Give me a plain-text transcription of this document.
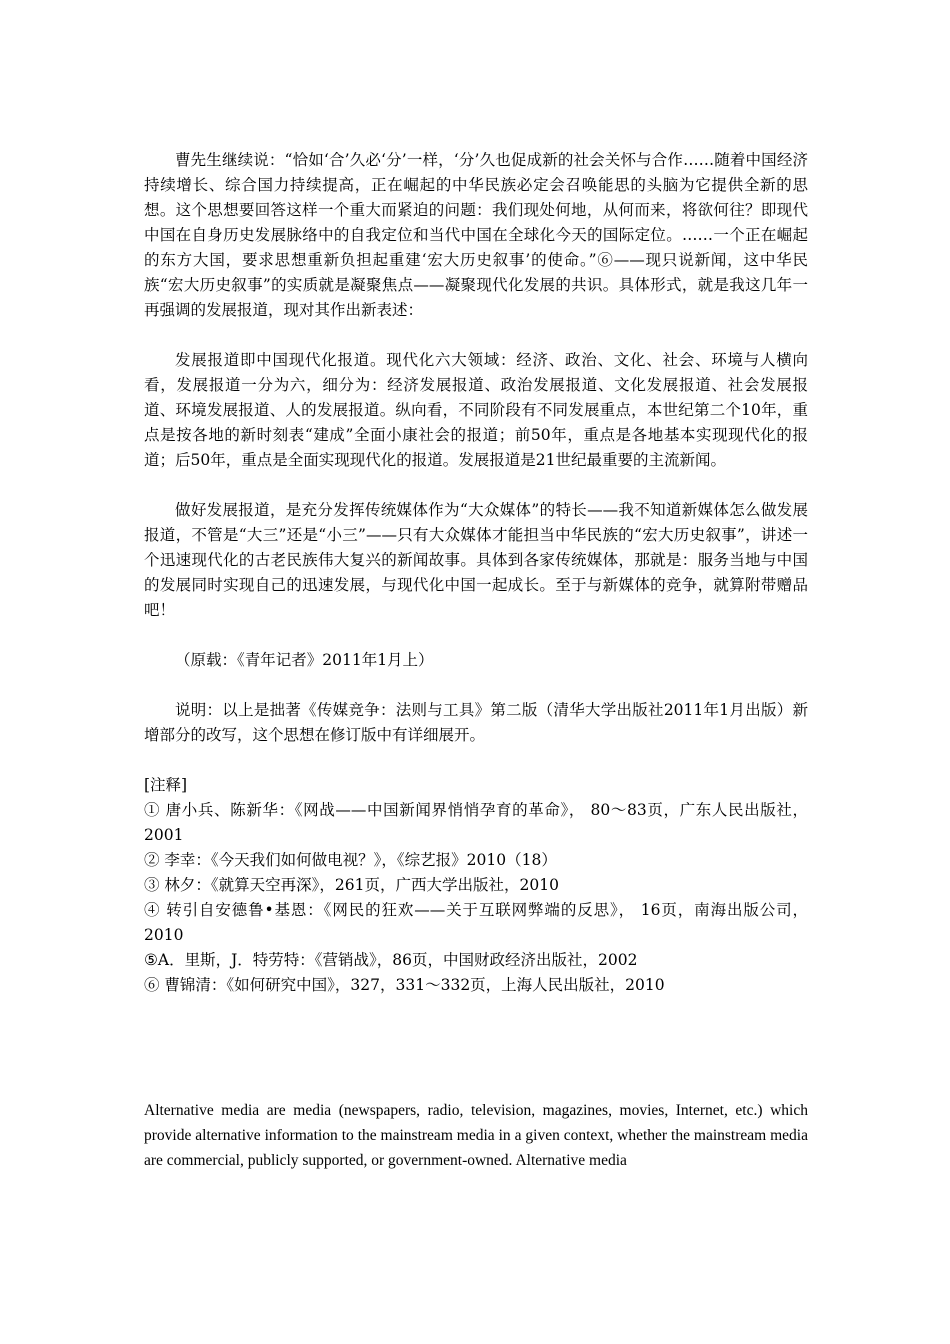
曹先生继续说：“恰如‘合’久必‘分’一样，‘分’久也促成新的社会关怀与合作……随着中国经济持续增长、综合国力持续提高，正在崛起的中华民族必定会召唤能思的头脑为它提供全新的思想。这个思想要回答这样一个重大而紧迫的问题：我们现处何地，从何而来，将欲何往？即现代中国在自身历史发展脉络中的自我定位和当代中国在全球化今天的国际定位。……一个正在崛起的东方大国，要求思想重新负担起重建‘宏大历史叙事’的使命。”⑥——现只说新闻，这中华民族“宏大历史叙事”的实质就是凝聚焦点——凝聚现代化发展的共识。具体形式，就是我这几年一再强调的发展报道，现对其作出新表述：

发展报道即中国现代化报道。现代化六大领域：经济、政治、文化、社会、环境与人横向看，发展报道一分为六，细分为：经济发展报道、政治发展报道、文化发展报道、社会发展报道、环境发展报道、人的发展报道。纵向看，不同阶段有不同发展重点，本世纪第二个10年，重点是按各地的新时刻表“建成”全面小康社会的报道；前50年，重点是各地基本实现现代化的报道；后50年，重点是全面实现现代化的报道。发展报道是21世纪最重要的主流新闻。

做好发展报道，是充分发挥传统媒体作为“大众媒体”的特长——我不知道新媒体怎么做发展报道，不管是“大三”还是“小三”——只有大众媒体才能担当中华民族的“宏大历史叙事”，讲述一个迅速现代化的古老民族伟大复兴的新闻故事。具体到各家传统媒体，那就是：服务当地与中国的发展同时实现自己的迅速发展，与现代化中国一起成长。至于与新媒体的竞争，就算附带赠品吧！

（原载：《青年记者》2011年1月上）

说明：以上是拙著《传媒竞争：法则与工具》第二版（清华大学出版社2011年1月出版）新增部分的改写，这个思想在修订版中有详细展开。

[注释]

① 唐小兵、陈新华：《网战——中国新闻界悄悄孕育的革命》， 80～83页，广东人民出版社，2001

② 李幸：《今天我们如何做电视？》，《综艺报》2010（18）

③ 林夕：《就算天空再深》，261页，广西大学出版社，2010

④ 转引自安德鲁•基恩：《网民的狂欢——关于互联网弊端的反思》， 16页，南海出版公司，2010

⑤A．里斯，J．特劳特：《营销战》，86页，中国财政经济出版社，2002

⑥ 曹锦清：《如何研究中国》，327，331～332页，上海人民出版社，2010

Alternative media are media (newspapers, radio, television, magazines, movies, Internet, etc.) which provide alternative information to the mainstream media in a given context, whether the mainstream media are commercial, publicly supported, or government-owned. Alternative media
